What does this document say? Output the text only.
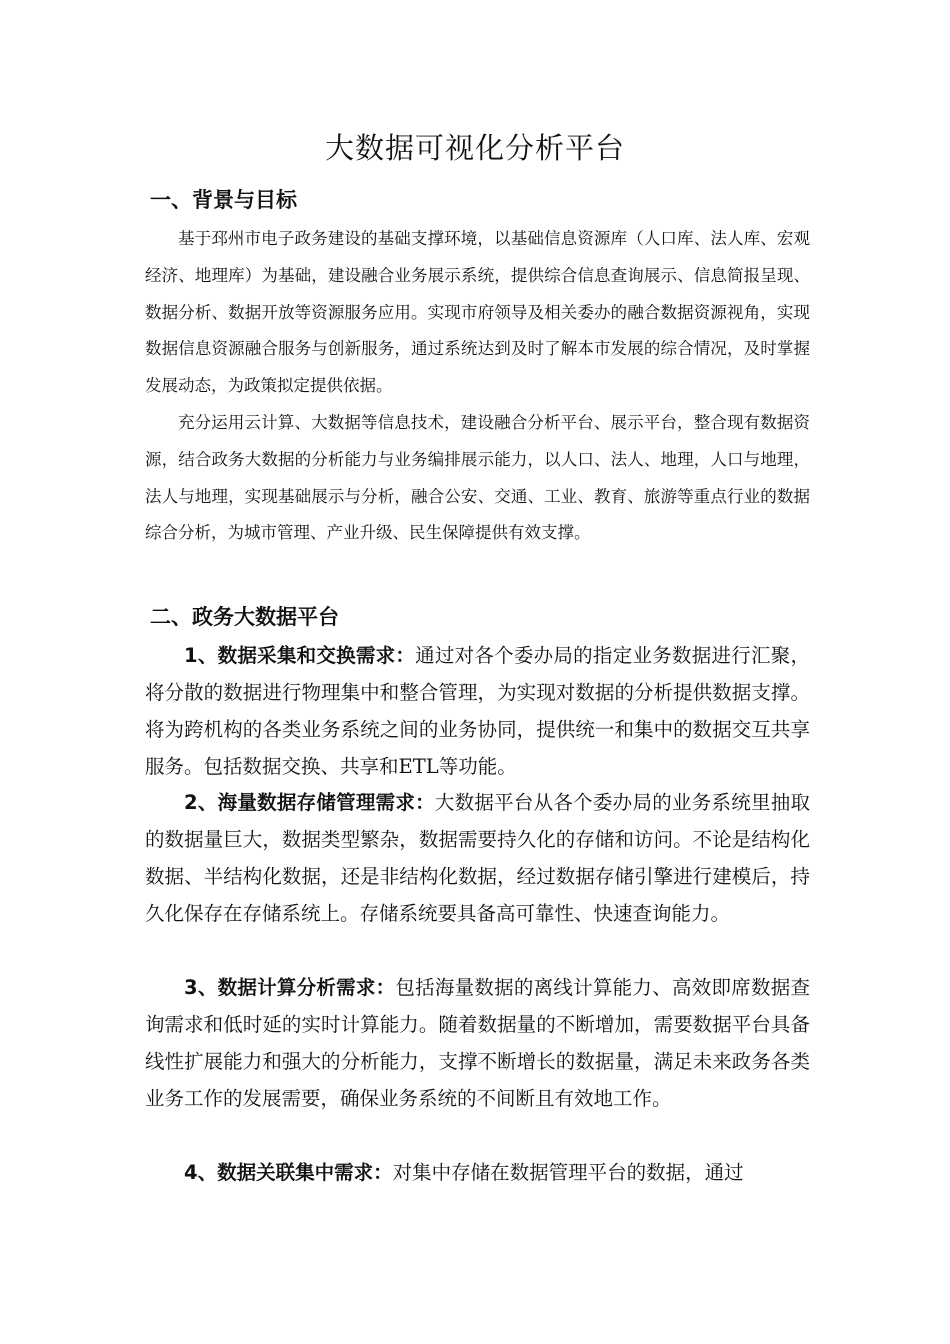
大数据可视化分析平台
一、背景与目标

基于邳州市电子政务建设的基础支撑环境，以基础信息资源库（人口库、法人库、宏观经济、地理库）为基础，建设融合业务展示系统，提供综合信息查询展示、信息简报呈现、数据分析、数据开放等资源服务应用。实现市府领导及相关委办的融合数据资源视角，实现数据信息资源融合服务与创新服务，通过系统达到及时了解本市发展的综合情况，及时掌握发展动态，为政策拟定提供依据。

充分运用云计算、大数据等信息技术，建设融合分析平台、展示平台，整合现有数据资源，结合政务大数据的分析能力与业务编排展示能力，以人口、法人、地理，人口与地理，法人与地理，实现基础展示与分析，融合公安、交通、工业、教育、旅游等重点行业的数据综合分析，为城市管理、产业升级、民生保障提供有效支撑。

二、政务大数据平台

1、数据采集和交换需求：通过对各个委办局的指定业务数据进行汇聚，将分散的数据进行物理集中和整合管理，为实现对数据的分析提供数据支撑。将为跨机构的各类业务系统之间的业务协同，提供统一和集中的数据交互共享服务。包括数据交换、共享和ETL等功能。

2、海量数据存储管理需求：大数据平台从各个委办局的业务系统里抽取的数据量巨大，数据类型繁杂，数据需要持久化的存储和访问。不论是结构化数据、半结构化数据，还是非结构化数据，经过数据存储引擎进行建模后，持久化保存在存储系统上。存储系统要具备高可靠性、快速查询能力。

3、数据计算分析需求：包括海量数据的离线计算能力、高效即席数据查询需求和低时延的实时计算能力。随着数据量的不断增加，需要数据平台具备线性扩展能力和强大的分析能力，支撑不断增长的数据量，满足未来政务各类业务工作的发展需要，确保业务系统的不间断且有效地工作。

4、数据关联集中需求：对集中存储在数据管理平台的数据，通过
